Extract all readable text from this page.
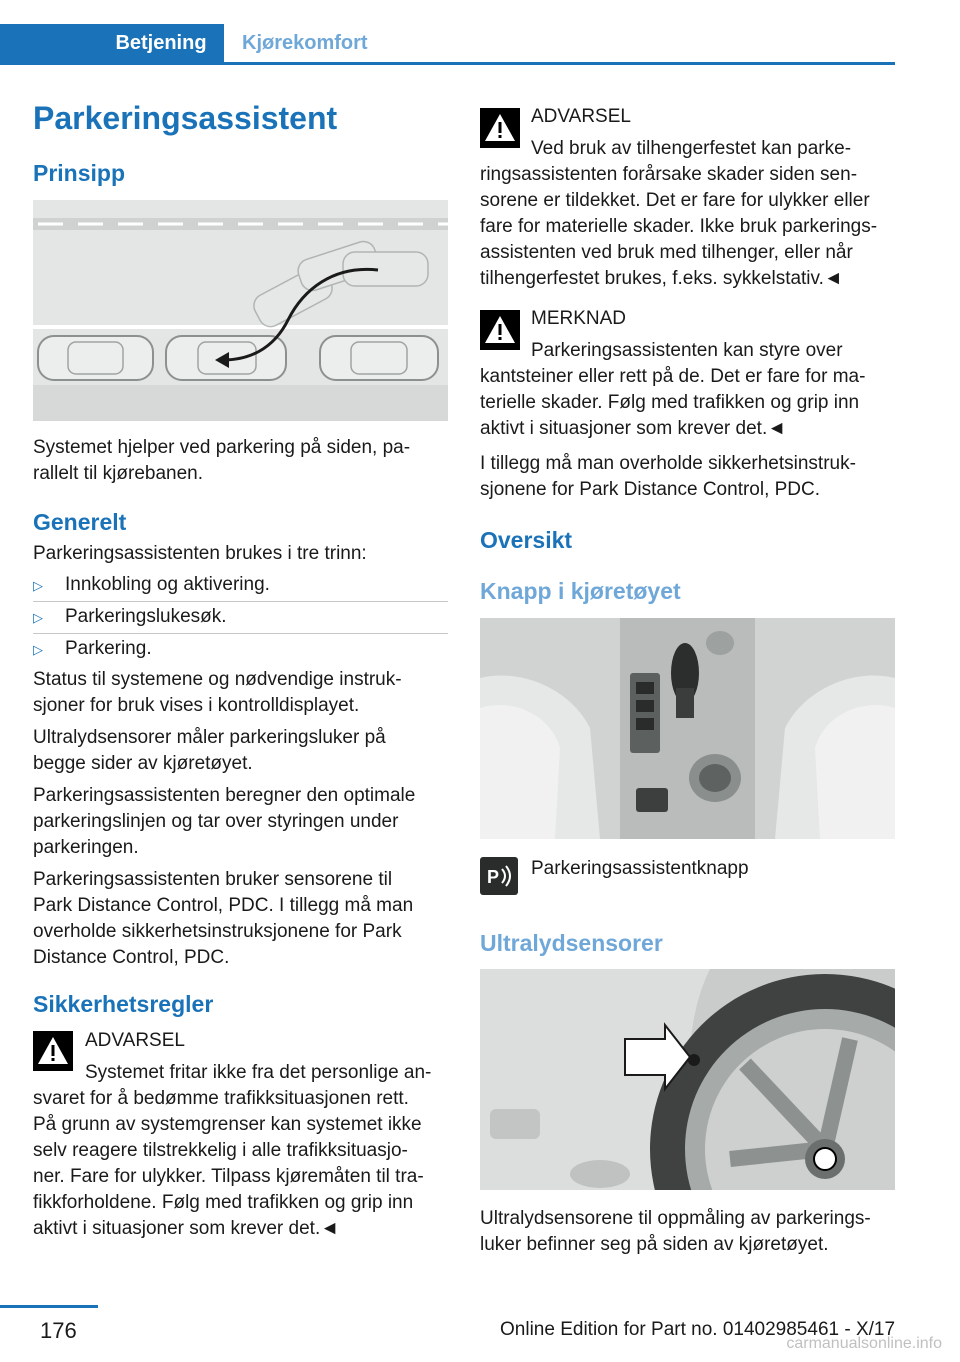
Betjening	Kjørekomfort
Parkeringsassistent
Prinsipp

Systemet hjelper ved parkering på siden, pa-

rallelt til kjørebanen.

Generelt

Parkeringsassistenten brukes i tre trinn:

▷ Innkobling og aktivering.
▷ Parkeringslukesøk.
▷ Parkering.

Status til systemene og nødvendige instruk-

sjoner for bruk vises i kontrolldisplayet.

Ultralydsensorer måler parkeringsluker på

begge sider av kjøretøyet.

Parkeringsassistenten beregner den optimale

parkeringslinjen og tar over styringen under

parkeringen.

Parkeringsassistenten bruker sensorene til

Park Distance Control, PDC. I tillegg må man

overholde sikkerhetsinstruksjonene for Park

Distance Control, PDC.

Sikkerhetsregler

ADVARSEL

Systemet fritar ikke fra det personlige an-

svaret for å bedømme trafikksituasjonen rett.

På grunn av systemgrenser kan systemet ikke

selv reagere tilstrekkelig i alle trafikksituasjo-

ner. Fare for ulykker. Tilpass kjøremåten til tra-

fikkforholdene. Følg med trafikken og grip inn

aktivt i situasjoner som krever det.◄

ADVARSEL

Ved bruk av tilhengerfestet kan parke-

ringsassistenten forårsake skader siden sen-

sorene er tildekket. Det er fare for ulykker eller

fare for materielle skader. Ikke bruk parkerings-

assistenten ved bruk med tilhenger, eller når

tilhengerfestet brukes, f.eks. sykkelstativ.◄

MERKNAD

Parkeringsassistenten kan styre over

kantsteiner eller rett på de. Det er fare for ma-

terielle skader. Følg med trafikken og grip inn

aktivt i situasjoner som krever det.◄

I tillegg må man overholde sikkerhetsinstruk-

sjonene for Park Distance Control, PDC.

Oversikt
Knapp i kjøretøyet
P Parkeringsassistentknapp

Ultralydsensorer

Ultralydsensorene til oppmåling av parkerings-

luker befinner seg på siden av kjøretøyet.

176	Online Edition for Part no. 01402985461 - X/17
carmanualsonline.info
